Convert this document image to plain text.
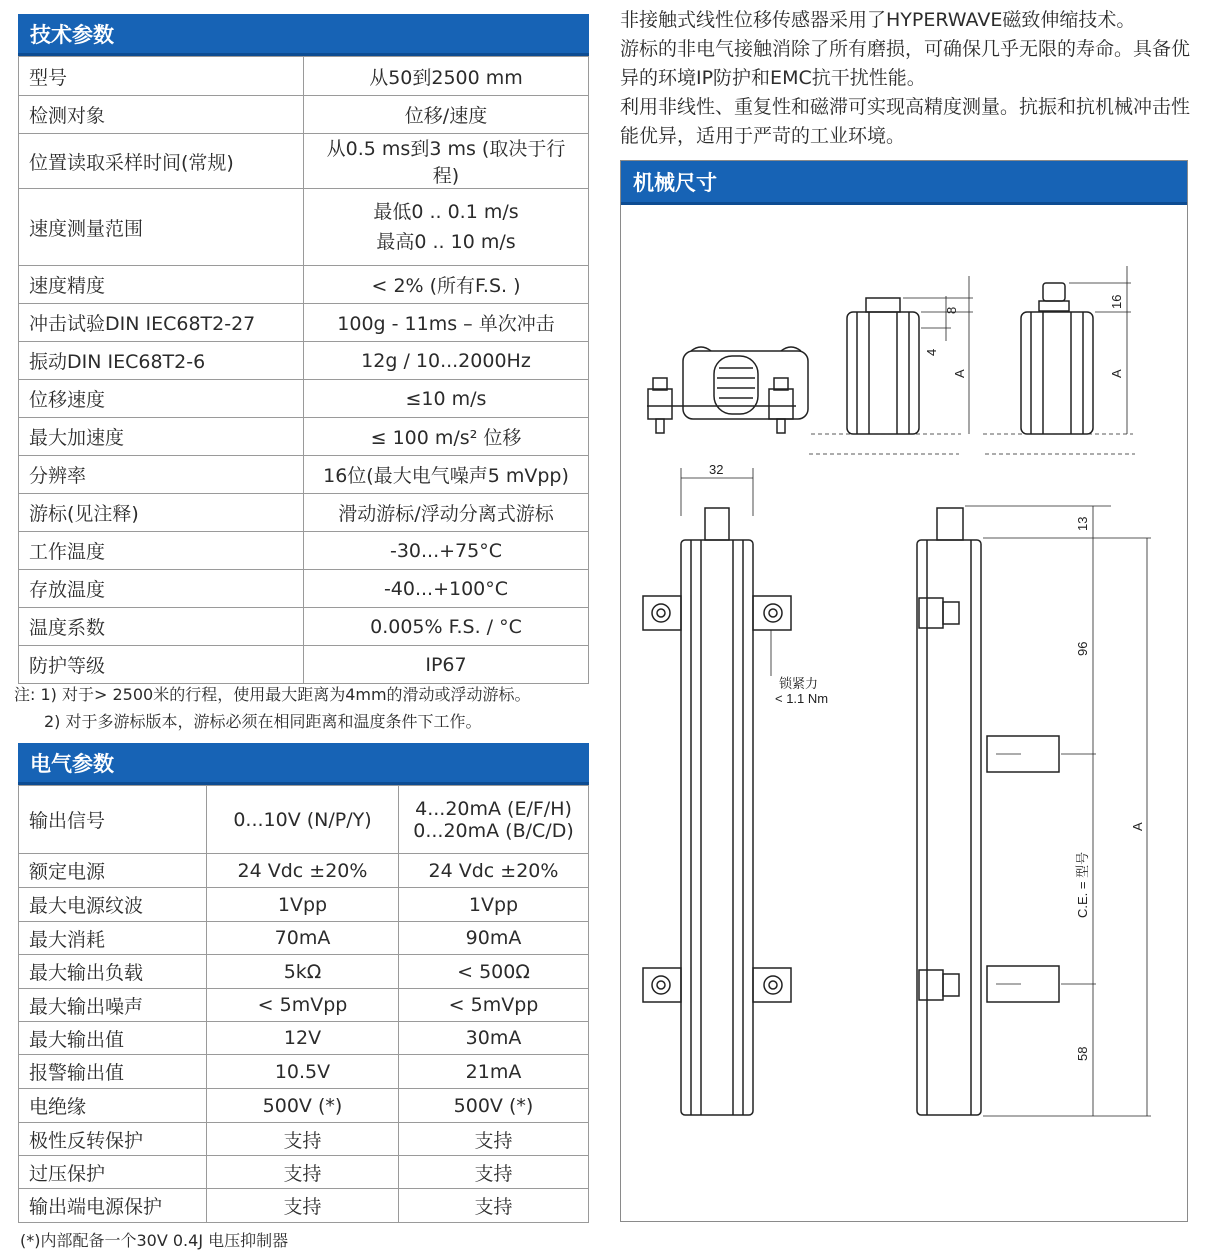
技术参数
型号	从50到2500 mm
检测对象	位移/速度
位置读取采样时间(常规)	从0.5 ms到3 ms (取决于行程)
速度测量范围	最低0 .. 0.1 m/s
最高0 .. 10 m/s

速度精度	< 2% (所有F.S. )
冲击试验DIN IEC68T2-27	100g - 11ms – 单次冲击
振动DIN IEC68T2-6	12g / 10...2000Hz
位移速度	≤10 m/s
最大加速度	≤ 100 m/s² 位移
分辨率	16位(最大电气噪声5 mVpp)
游标(见注释)	滑动游标/浮动分离式游标
工作温度	-30...+75°C
存放温度	-40...+100°C
温度系数	0.005% F.S. / °C
防护等级	IP67
注: 1) 对于> 2500米的行程，使用最大距离为4mm的滑动或浮动游标。
2) 对于多游标版本，游标必须在相同距离和温度条件下工作。
电气参数
输出信号	0...10V (N/P/Y)	4...20mA (E/F/H)
0...20mA (B/C/D)

额定电源	24 Vdc ±20%	24 Vdc ±20%
最大电源纹波	1Vpp	1Vpp
最大消耗	70mA	90mA
最大输出负载	5kΩ	< 500Ω
最大输出噪声	< 5mVpp	< 5mVpp
最大输出值	12V	30mA
报警输出值	10.5V	21mA
电绝缘	500V (*)	500V (*)
极性反转保护	支持	支持
过压保护	支持	支持
输出端电源保护	支持	支持
(*)内部配备一个30V 0.4J 电压抑制器

非接触式线性位移传感器采用了HYPERWAVE磁致伸缩技术。

游标的非电气接触消除了所有磨损，可确保几乎无限的寿命。具备优异的环境IP防护和EMC抗干扰性能。

利用非线性、重复性和磁滞可实现高精度测量。抗振和抗机械冲击性能优异，适用于严苛的工业环境。

机械尺寸
8
4
A
16
A
32
13
96
58
A
C.E. = 型号
锁紧力
< 1.1 Nm
